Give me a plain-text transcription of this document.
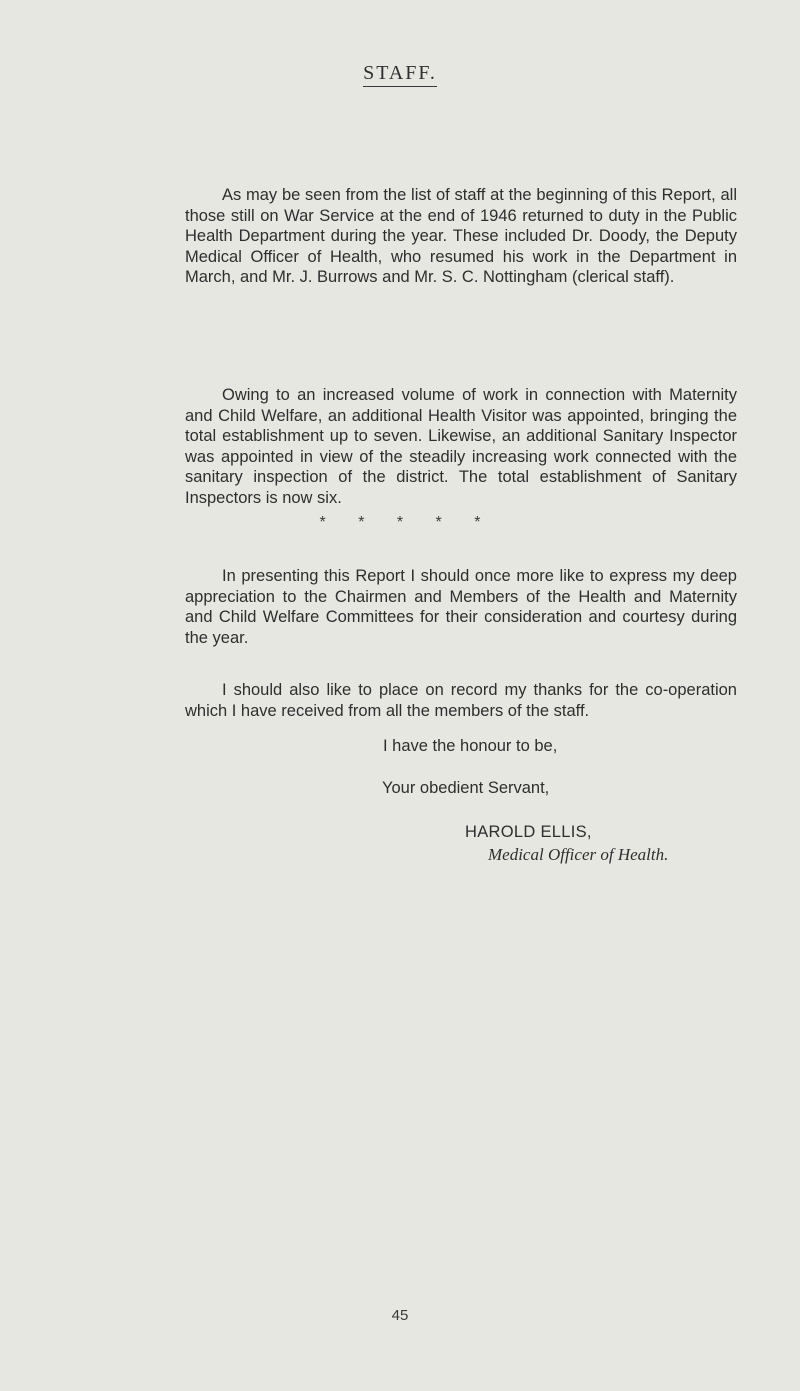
STAFF.
As may be seen from the list of staff at the beginning of this Report, all those still on War Service at the end of 1946 returned to duty in the Public Health Department during the year. These included Dr. Doody, the Deputy Medical Officer of Health, who resumed his work in the Department in March, and Mr. J. Burrows and Mr. S. C. Nottingham (clerical staff).
Owing to an increased volume of work in connection with Maternity and Child Welfare, an additional Health Visitor was appointed, bringing the total establishment up to seven. Likewise, an additional Sanitary Inspector was appointed in view of the steadily increasing work connected with the sanitary inspection of the district. The total establishment of Sanitary Inspectors is now six.
* * * * *
In presenting this Report I should once more like to express my deep appreciation to the Chairmen and Members of the Health and Maternity and Child Welfare Committees for their consideration and courtesy during the year.
I should also like to place on record my thanks for the co-operation which I have received from all the members of the staff.
I have the honour to be,
Your obedient Servant,
HAROLD ELLIS,
Medical Officer of Health.
45
